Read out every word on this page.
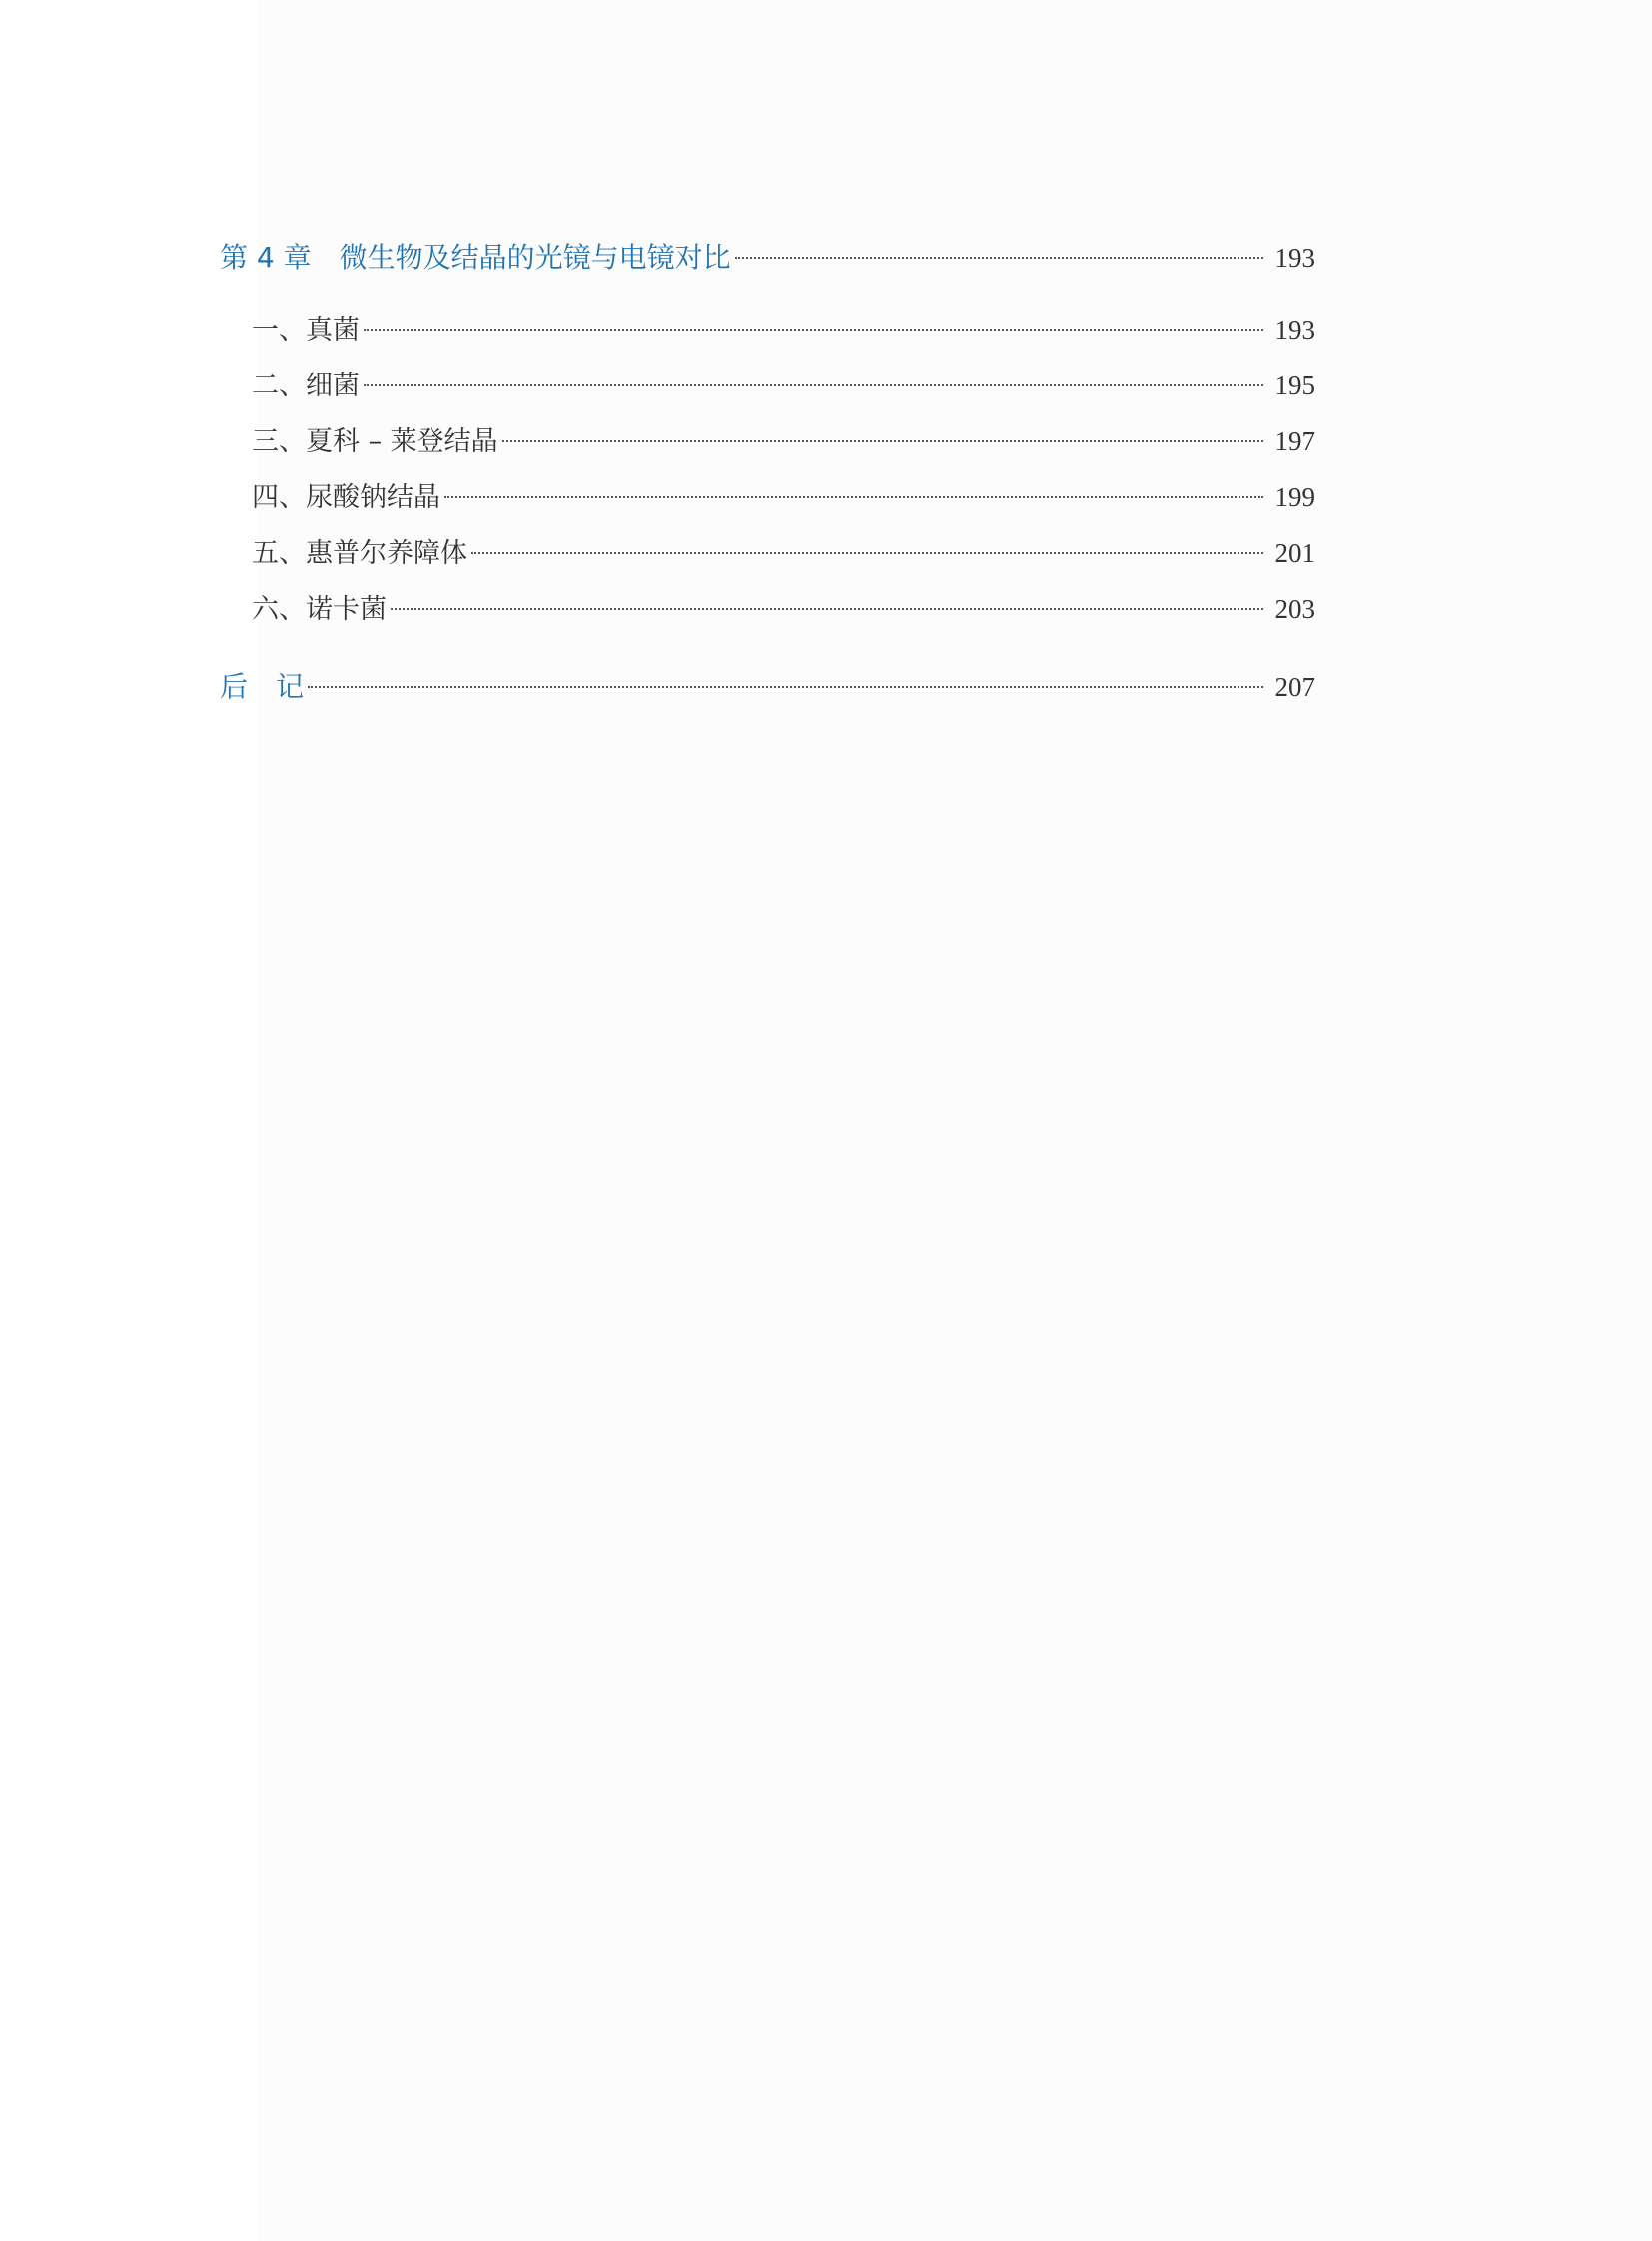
第 4 章 微生物及结晶的光镜与电镜对比	193
一、真菌	193
二、细菌	195
三、夏科 – 莱登结晶	197
四、尿酸钠结晶	199
五、惠普尔养障体	201
六、诺卡菌	203
后　记	207
